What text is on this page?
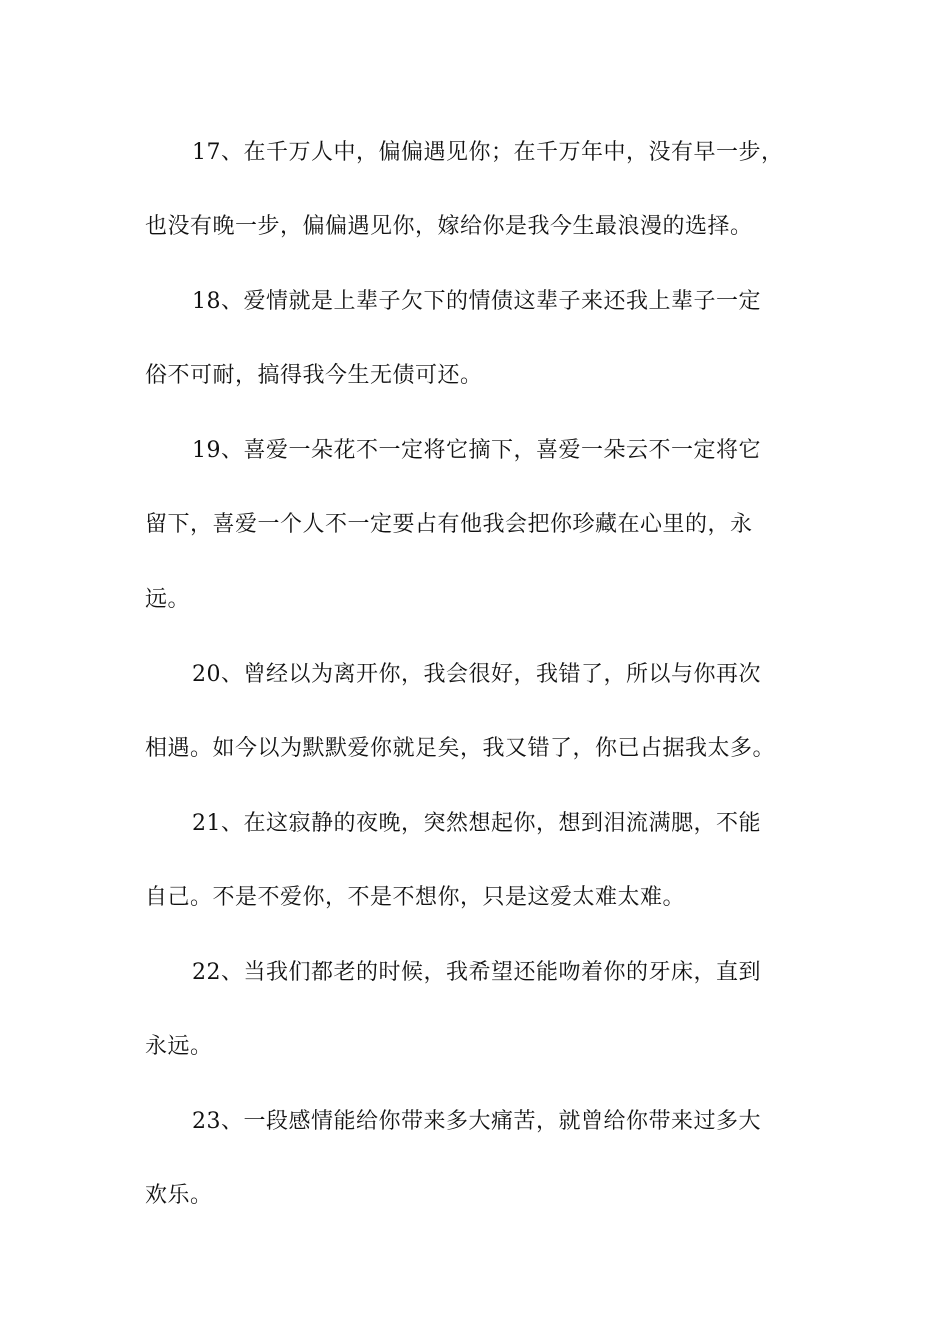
17、在千万人中，偏偏遇见你；在千万年中，没有早一步，
也没有晚一步，偏偏遇见你，嫁给你是我今生最浪漫的选择。
18、爱情就是上辈子欠下的情债这辈子来还我上辈子一定
俗不可耐，搞得我今生无债可还。
19、喜爱一朵花不一定将它摘下，喜爱一朵云不一定将它
留下，喜爱一个人不一定要占有他我会把你珍藏在心里的，永
远。
20、曾经以为离开你，我会很好，我错了，所以与你再次
相遇。如今以为默默爱你就足矣，我又错了，你已占据我太多。
21、在这寂静的夜晚，突然想起你，想到泪流满腮，不能
自己。不是不爱你，不是不想你，只是这爱太难太难。
22、当我们都老的时候，我希望还能吻着你的牙床，直到
永远。
23、一段感情能给你带来多大痛苦，就曾给你带来过多大
欢乐。
